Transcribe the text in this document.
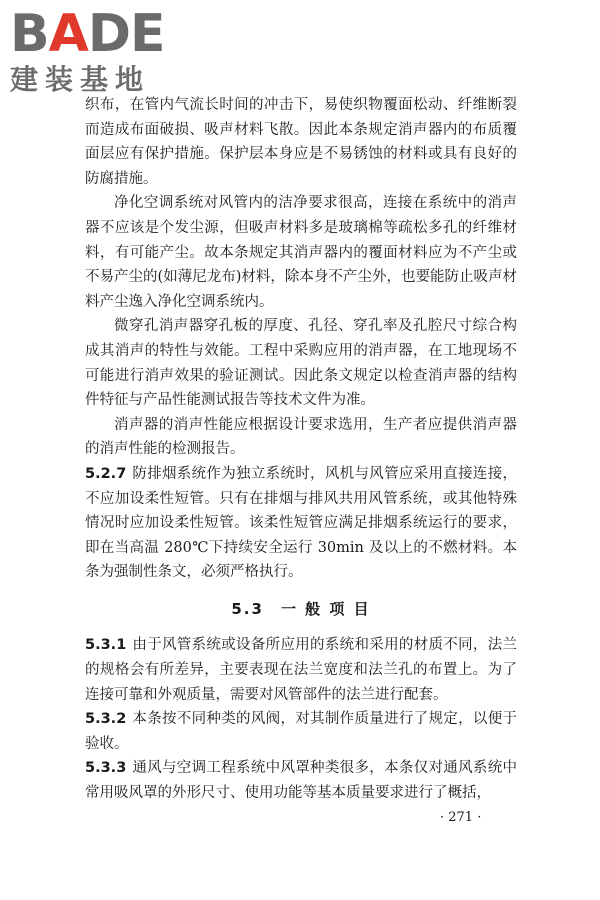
BADE
建装基地

织布，在管内气流长时间的冲击下，易使织物覆面松动、纤维断裂而造成布面破损、吸声材料飞散。因此本条规定消声器内的布质覆面层应有保护措施。保护层本身应是不易锈蚀的材料或具有良好的防腐措施。

净化空调系统对风管内的洁净要求很高，连接在系统中的消声器不应该是个发尘源，但吸声材料多是玻璃棉等疏松多孔的纤维材料，有可能产尘。故本条规定其消声器内的覆面材料应为不产尘或不易产尘的(如薄尼龙布)材料，除本身不产尘外，也要能防止吸声材料产尘逸入净化空调系统内。

微穿孔消声器穿孔板的厚度、孔径、穿孔率及孔腔尺寸综合构成其消声的特性与效能。工程中采购应用的消声器，在工地现场不可能进行消声效果的验证测试。因此条文规定以检查消声器的结构件特征与产品性能测试报告等技术文件为准。

消声器的消声性能应根据设计要求选用，生产者应提供消声器的消声性能的检测报告。

5.2.7 防排烟系统作为独立系统时，风机与风管应采用直接连接，不应加设柔性短管。只有在排烟与排风共用风管系统，或其他特殊情况时应加设柔性短管。该柔性短管应满足排烟系统运行的要求，即在当高温 280℃下持续安全运行 30min 及以上的不燃材料。本条为强制性条文，必须严格执行。

5.3　一 般 项 目

5.3.1 由于风管系统或设备所应用的系统和采用的材质不同，法兰的规格会有所差异，主要表现在法兰宽度和法兰孔的布置上。为了连接可靠和外观质量，需要对风管部件的法兰进行配套。

5.3.2 本条按不同种类的风阀，对其制作质量进行了规定，以便于验收。

5.3.3 通风与空调工程系统中风罩种类很多，本条仅对通风系统中常用吸风罩的外形尺寸、使用功能等基本质量要求进行了概括，

· 271 ·
